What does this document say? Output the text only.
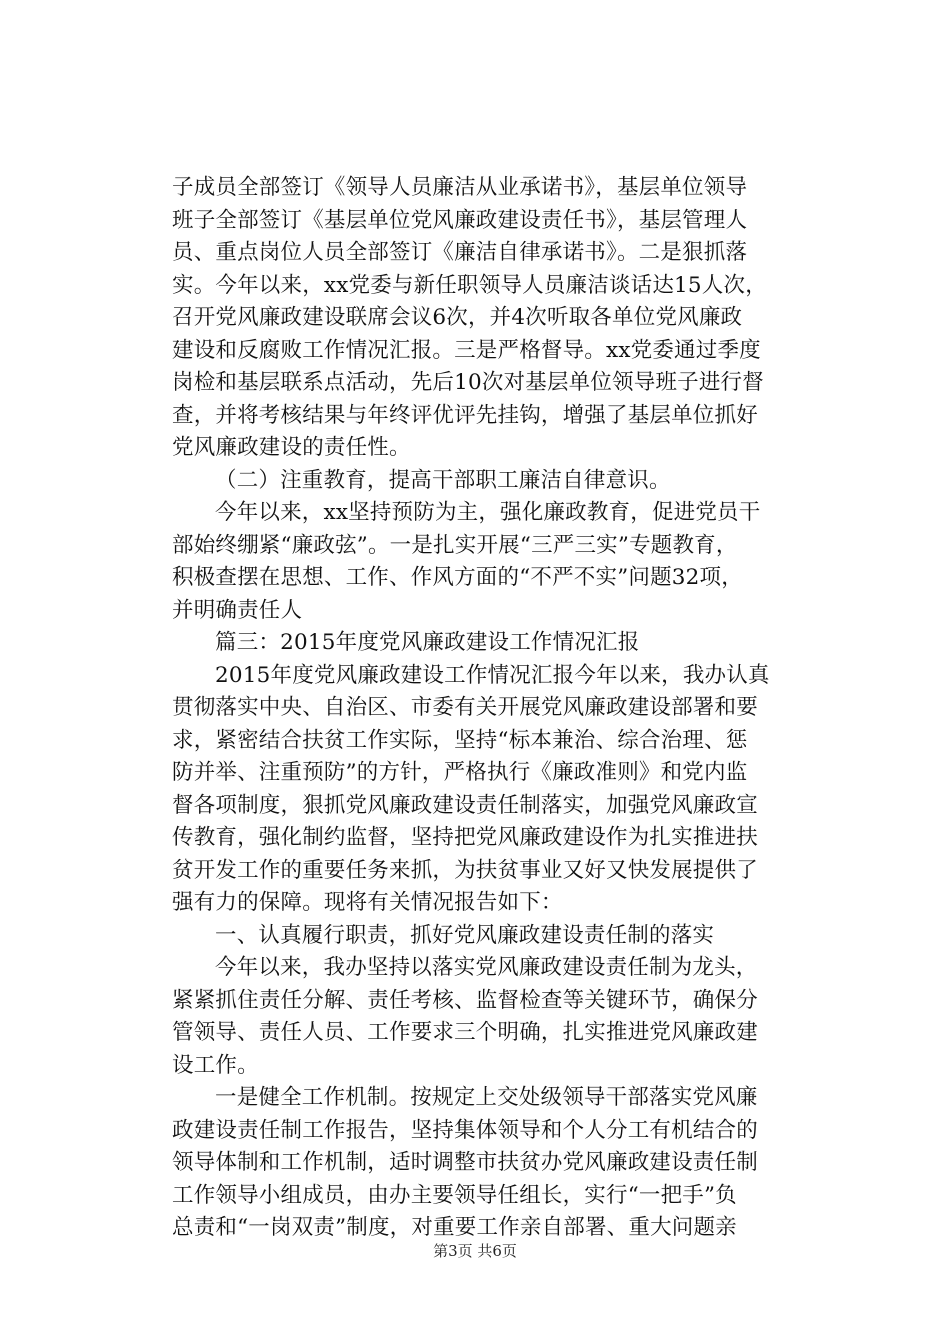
子成员全部签订《领导人员廉洁从业承诺书》，基层单位领导
班子全部签订《基层单位党风廉政建设责任书》，基层管理人
员、重点岗位人员全部签订《廉洁自律承诺书》。二是狠抓落
实。今年以来，xx党委与新任职领导人员廉洁谈话达15人次，
召开党风廉政建设联席会议6次，并4次听取各单位党风廉政
建设和反腐败工作情况汇报。三是严格督导。xx党委通过季度
岗检和基层联系点活动，先后10次对基层单位领导班子进行督
查，并将考核结果与年终评优评先挂钩，增强了基层单位抓好
党风廉政建设的责任性。
（二）注重教育，提高干部职工廉洁自律意识。
今年以来，xx坚持预防为主，强化廉政教育，促进党员干
部始终绷紧“廉政弦”。一是扎实开展“三严三实”专题教育，
积极查摆在思想、工作、作风方面的“不严不实”问题32项，
并明确责任人
篇三：2015年度党风廉政建设工作情况汇报
2015年度党风廉政建设工作情况汇报今年以来，我办认真
贯彻落实中央、自治区、市委有关开展党风廉政建设部署和要
求，紧密结合扶贫工作实际，坚持“标本兼治、综合治理、惩
防并举、注重预防”的方针，严格执行《廉政准则》和党内监
督各项制度，狠抓党风廉政建设责任制落实，加强党风廉政宣
传教育，强化制约监督，坚持把党风廉政建设作为扎实推进扶
贫开发工作的重要任务来抓，为扶贫事业又好又快发展提供了
强有力的保障。现将有关情况报告如下：
一、认真履行职责，抓好党风廉政建设责任制的落实
今年以来，我办坚持以落实党风廉政建设责任制为龙头，
紧紧抓住责任分解、责任考核、监督检查等关键环节，确保分
管领导、责任人员、工作要求三个明确，扎实推进党风廉政建
设工作。
一是健全工作机制。按规定上交处级领导干部落实党风廉
政建设责任制工作报告，坚持集体领导和个人分工有机结合的
领导体制和工作机制，适时调整市扶贫办党风廉政建设责任制
工作领导小组成员，由办主要领导任组长，实行“一把手”负
总责和“一岗双责”制度，对重要工作亲自部署、重大问题亲
第3页 共6页
